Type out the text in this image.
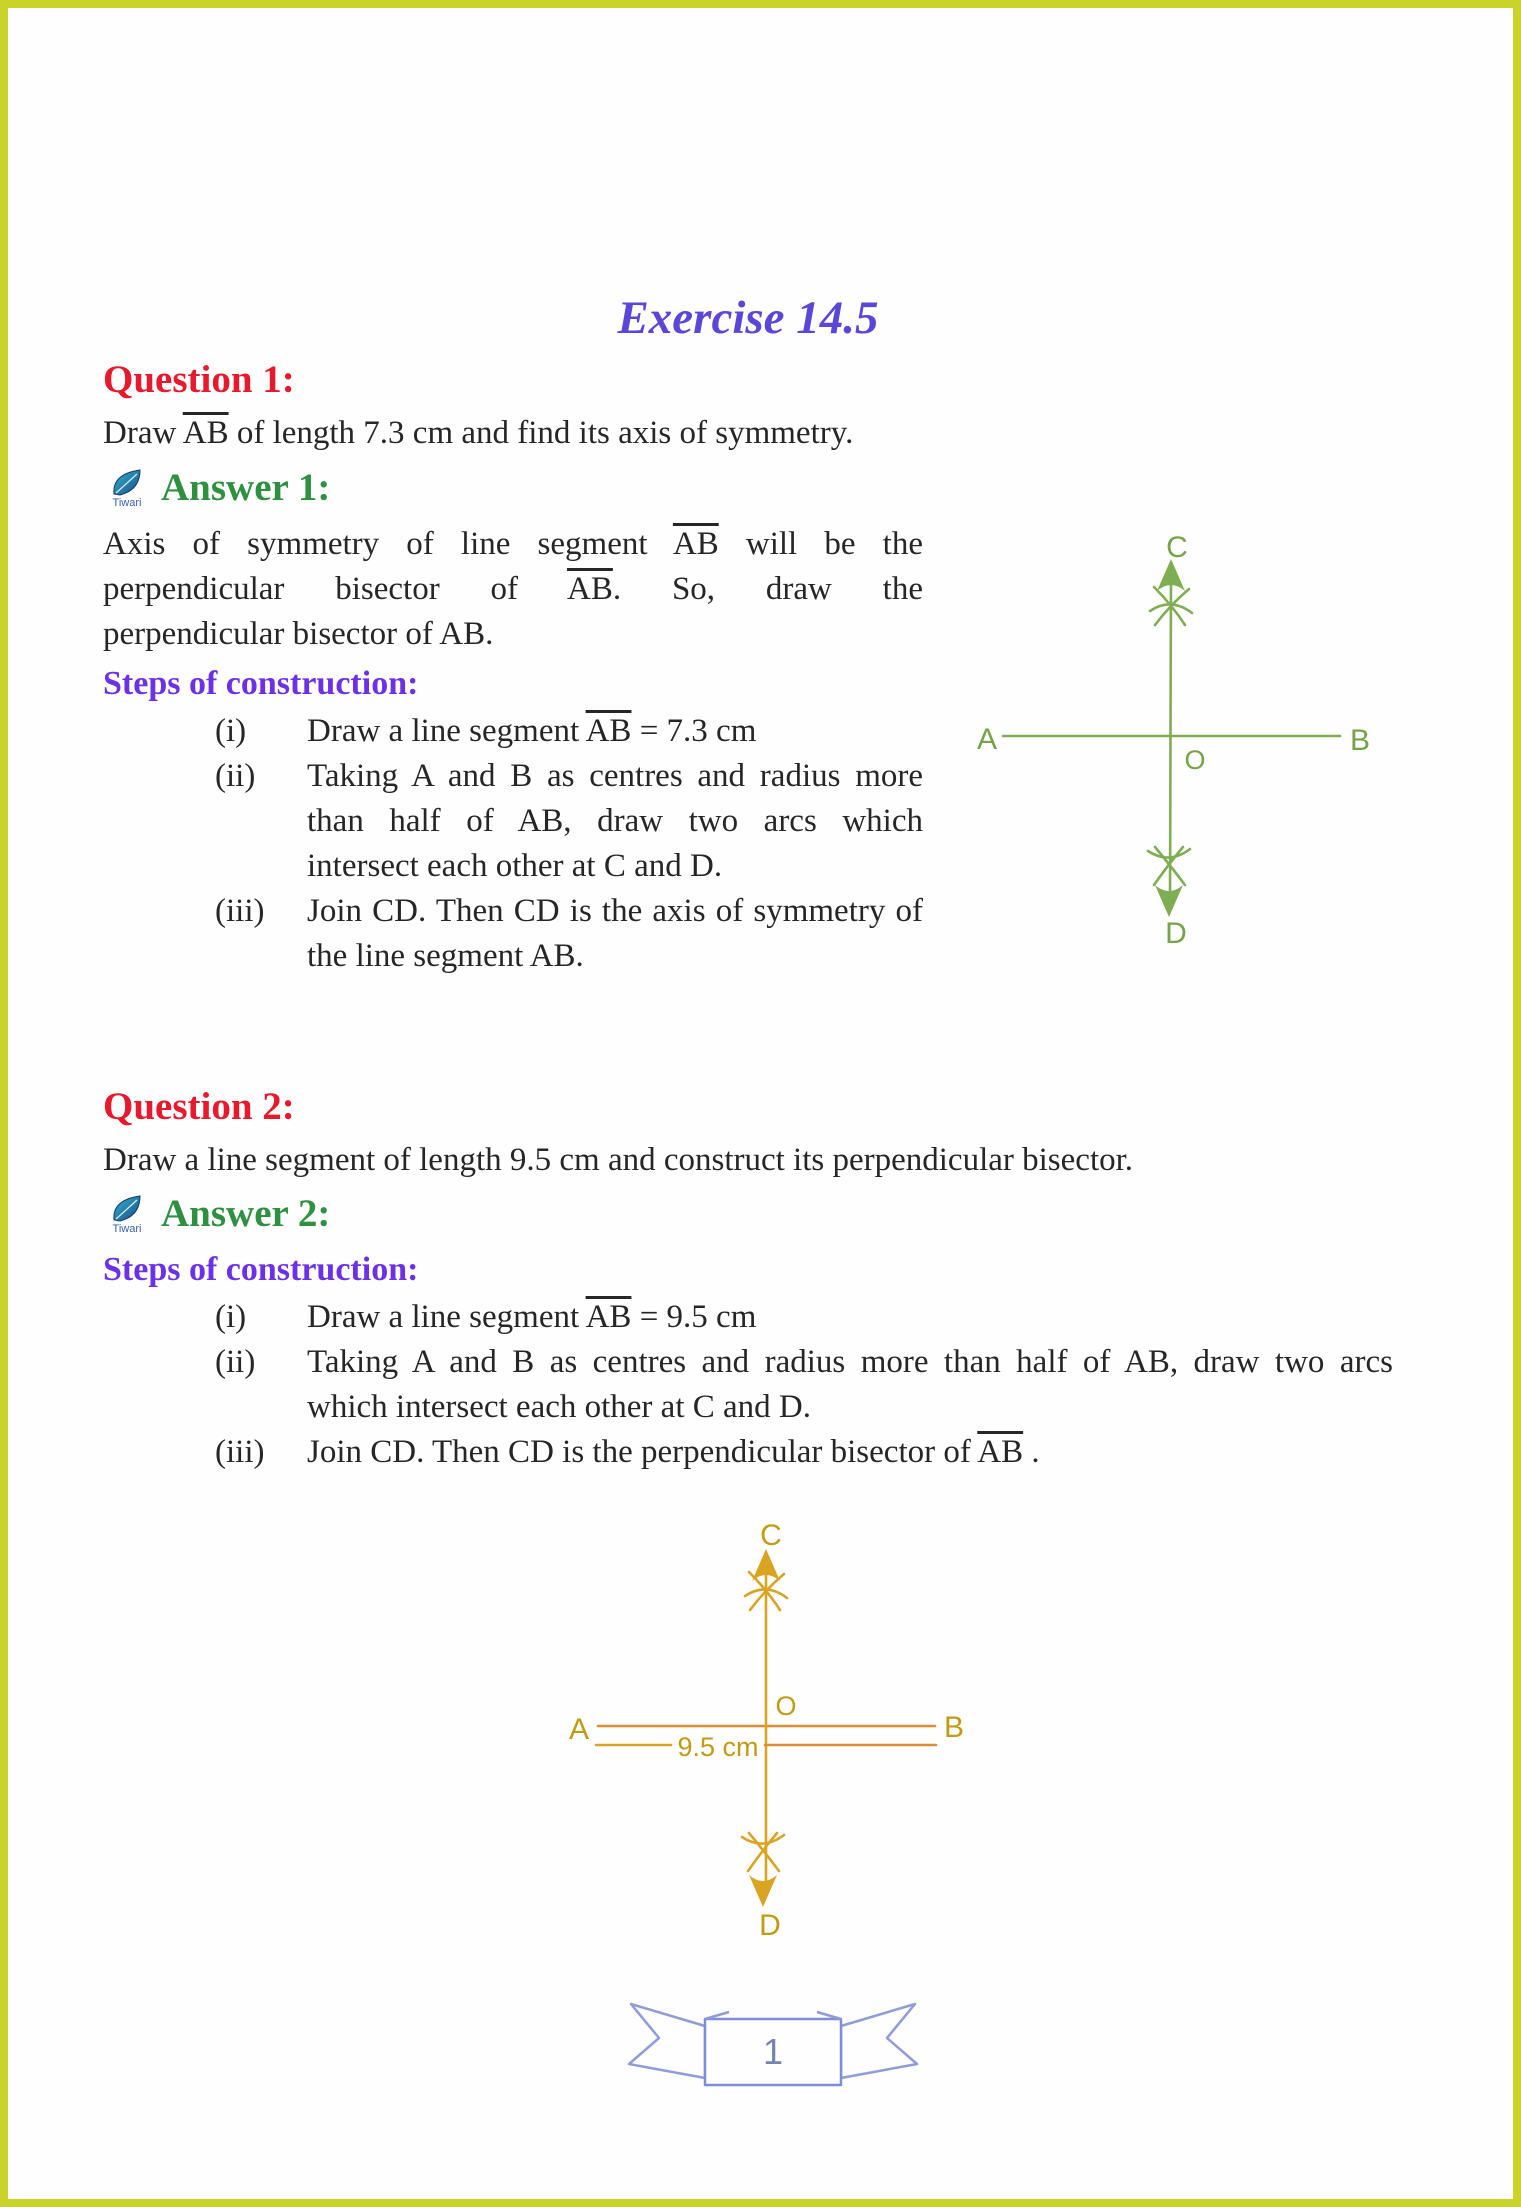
Exercise 14.5
Question 1:

Draw $\overline{AB}$ of length 7.3 cm and find its axis of symmetry.

Tiwari Answer 1:
Axis of symmetry of line segment $\overline{AB}$ will be the
perpendicular bisector of $\overline{AB}$. So, draw the
perpendicular bisector of AB.
Steps of construction:
(i)	Draw a line segment $\overline{AB} = 7.3$ cm
(ii)	Taking A and B as centres and radius more
than half of AB, draw two arcs which
intersect each other at C and D.
(iii)	Join CD. Then CD is the axis of symmetry of
the line segment AB.
Question 2:

Draw a line segment of length 9.5 cm and construct its perpendicular bisector.

Tiwari Answer 2:
Steps of construction:
(i)	Draw a line segment $\overline{AB} = 9.5$ cm
(ii)	Taking A and B as centres and radius more than half of AB, draw two arcs
which intersect each other at C and D.
(iii)	Join CD. Then CD is the perpendicular bisector of $\overline{AB}$ .
C
A	B
O
D
C
A	B
O
D
9.5 cm
1
